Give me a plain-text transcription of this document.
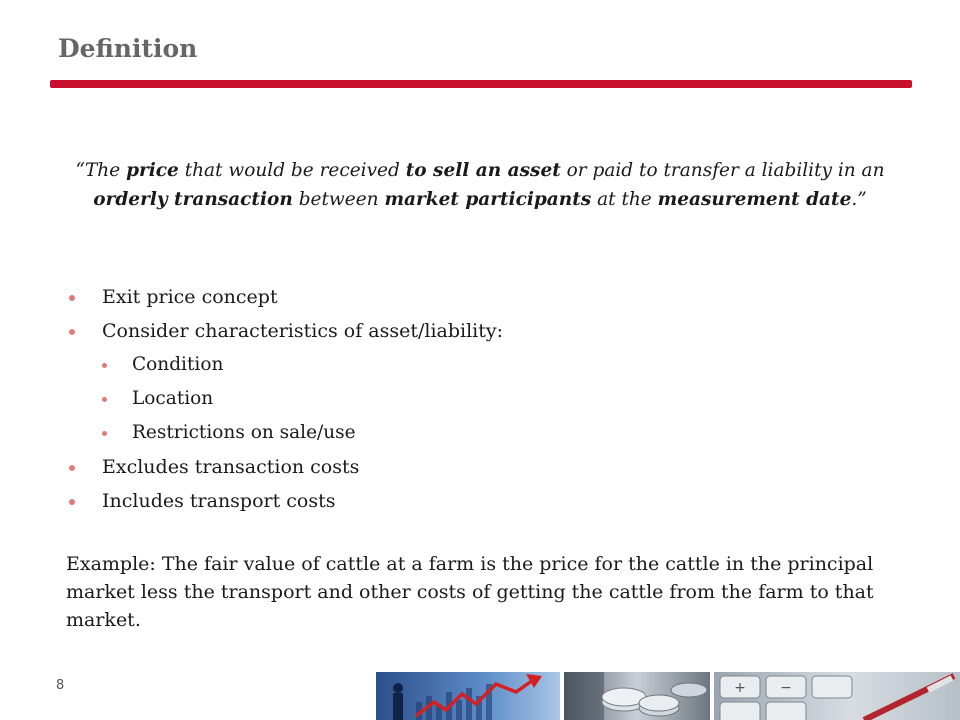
Definition
“The price that would be received to sell an asset or paid to transfer a liability in an orderly transaction between market participants at the measurement date.”
Exit price concept
Consider characteristics of asset/liability:
Condition
Location
Restrictions on sale/use
Excludes transaction costs
Includes transport costs
Example: The fair value of cattle at a farm is the price for the cattle in the principal market less the transport and other costs of getting the cattle from the farm to that market.
8	+ −
